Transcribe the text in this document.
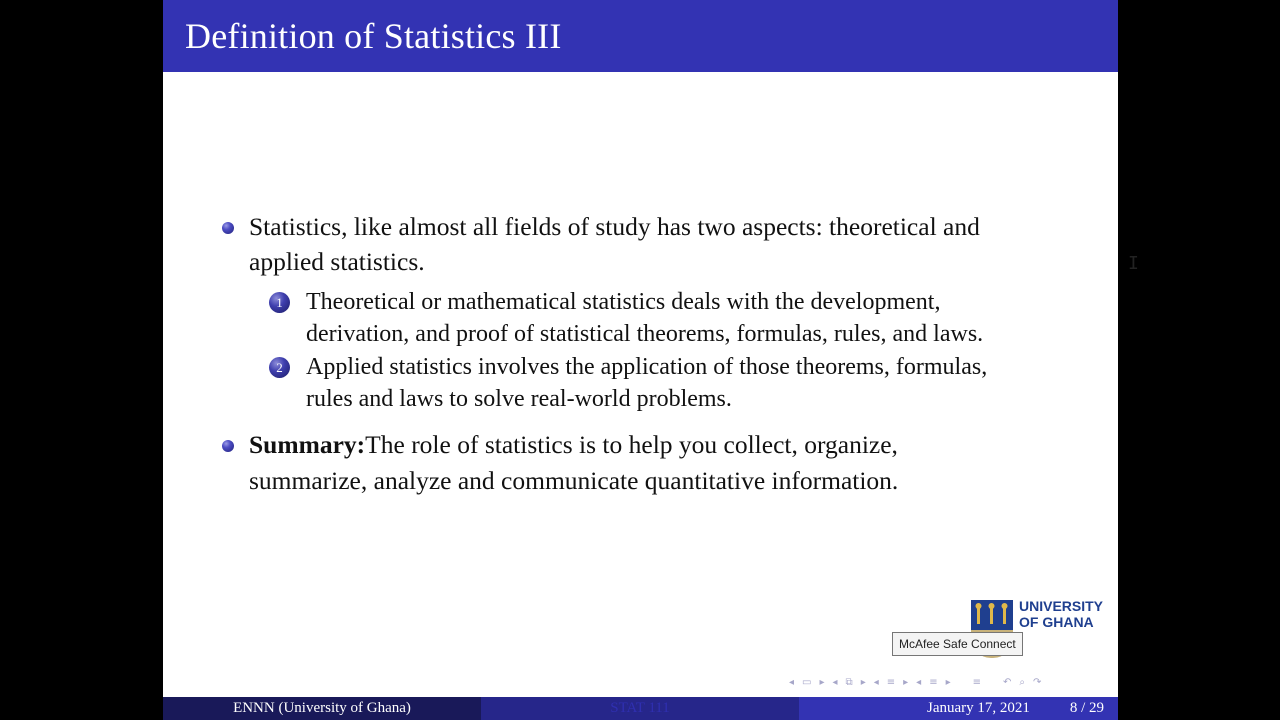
Definition of Statistics III
Statistics, like almost all fields of study has two aspects: theoretical and
applied statistics.
1 Theoretical or mathematical statistics deals with the development,
derivation, and proof of statistical theorems, formulas, rules, and laws.
2 Applied statistics involves the application of those theorems, formulas,
rules and laws to solve real-world problems.
Summary:The role of statistics is to help you collect, organize,
summarize, analyze and communicate quantitative information.
UNIVERSITY
OF GHANA
McAfee Safe Connect
◂ ▭ ▸ ◂ ⧉ ▸ ◂ ≡ ▸ ◂ ≡ ▸ ≡ ↶ ⌕ ↷
ENNN (University of Ghana)	STAT 111	January 17, 2021	8 / 29
I
